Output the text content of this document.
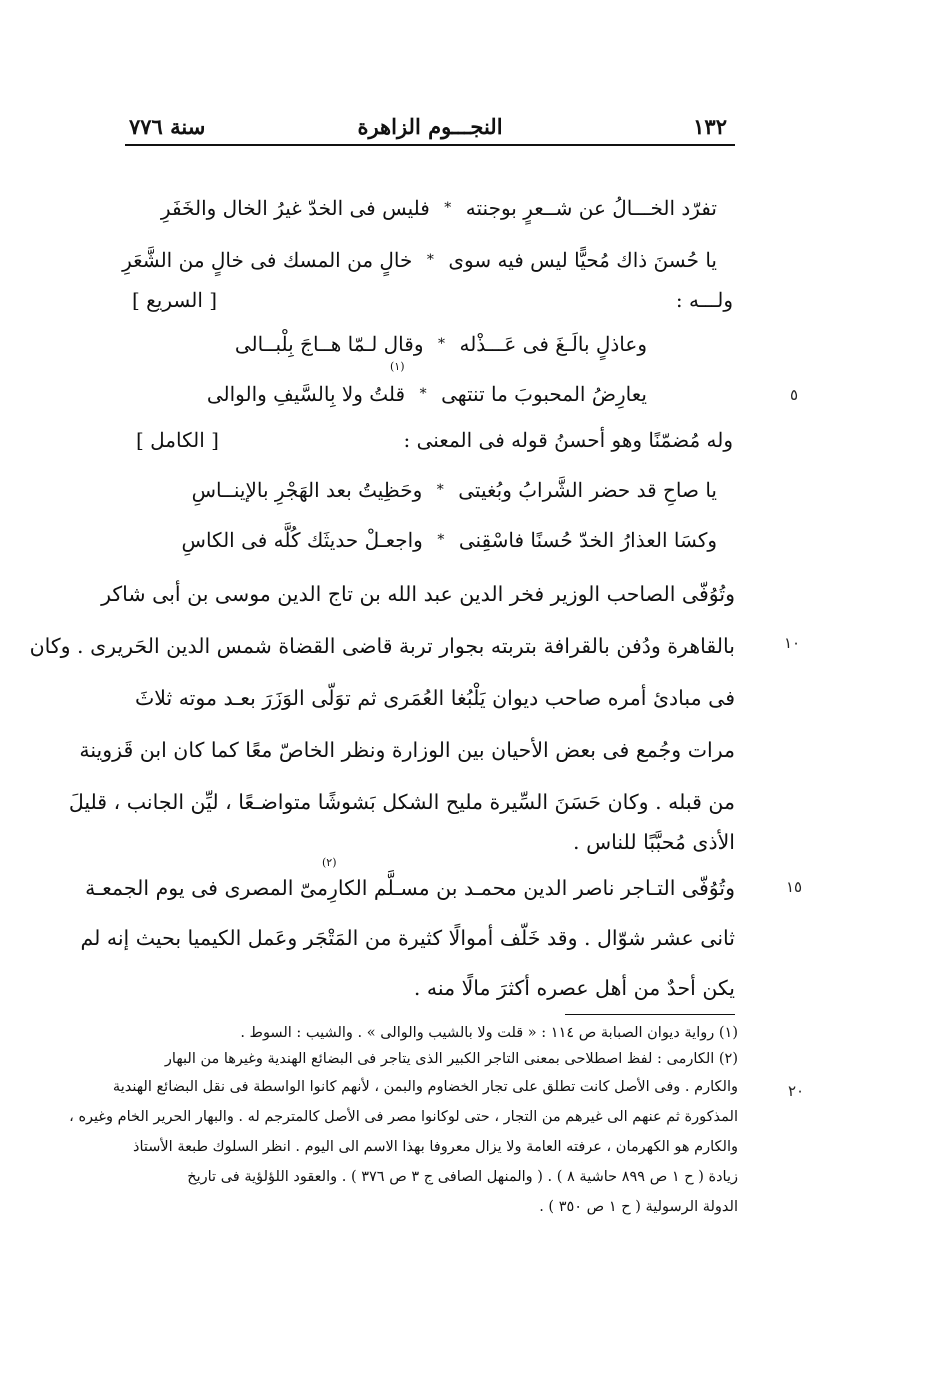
١٣٢
النجـــوم الزاهرة
سنة ٧٧٦
تفرّد الخـــالُ عن شــعرٍ بوجنته
*
فليس فى الخدّ غيرُ الخال والخَفَرِ
يا حُسنَ ذاك مُحيًّا ليس فيه سوى
*
خالٍ من المسك فى خالٍ من الشَّعَرِ
ولـــه :
[ السريع ]
وعاذلٍ بالَـغَ فى عَـــذْله
*
وقال لـمّا هــاجَ بِلْبــالى
يعارِضُ المحبوبَ ما تنتهى
*
قلتُ ولا بِالسَّيفِ والوالى
(١)
٥
وله مُضمّنًا وهو أحسنُ قوله فى المعنى :
[ الكامل ]
يا صاحِ قد حضر الشَّرابُ وبُغيتى
*
وحَظِيتُ بعد الهَجْرِ بالإينــاسِ
وكسَا العذارُ الخدّ حُسنًا فاسْقِنى
*
واجعـلْ حديثَك كُلَّه فى الكاسِ
وتُوُفّى الصاحب الوزير فخر الدين عبد الله بن تاج الدين موسى بن أبى شاكر
بالقاهرة ودُفن بالقرافة بتربته بجوار تربة قاضى القضاة شمس الدين الحَريرى . وكان
فى مبادئ أمره صاحب ديوان يَلْبُغا العُمَرى ثم توَلّى الوَزَرَ بعـد موته ثلاثَ
مرات وجُمع فى بعض الأحيان بين الوزارة ونظر الخاصّ معًا كما كان ابن قَزوينة
من قبله . وكان حَسَنَ السِّيرة مليح الشكل بَشوشًا متواضـعًا ، ليِّن الجانب ، قليلَ
الأذى مُحبَّبًا للناس .
١٠
(٢)
وتُوُفّى التـاجر ناصر الدين محمـد بن مسـلَّم الكارِمىّ المصرى فى يوم الجمعـة
ثانى عشر شوّال . وقد خَلّف أموالًا كثيرة من المَتْجَر وعَمل الكيميا بحيث إنه لم
يكن أحدٌ من أهل عصره أكثرَ مالًا منه .
١٥
(١) رواية ديوان الصبابة ص ١١٤ : « قلت ولا بالشيب والوالى » . والشيب : السوط .
(٢) الكارمى : لفظ اصطلاحى بمعنى التاجر الكبير الذى يتاجر فى البضائع الهندية وغيرها من البهار
والكارم . وفى الأصل كانت تطلق على تجار الخضاوم والبمن ، لأنهم كانوا الواسطة فى نقل البضائع الهندية
المذكورة ثم عنهم الى غيرهم من التجار ، حتى لوكانوا مصر فى الأصل كالمترجم له . والبهار الحرير الخام وغيره ،
والكارم هو الكهرمان ، عرفته العامة ولا يزال معروفا بهذا الاسم الى اليوم . انظر السلوك طبعة الأستاذ
زيادة ( ح ١ ص ٨٩٩ حاشية ٨ ) . ( والمنهل الصافى ج ٣ ص ٣٧٦ ) . والعقود اللؤلؤية فى تاريخ
الدولة الرسولية ( ح ١ ص ٣٥٠ ) .
٢٠
